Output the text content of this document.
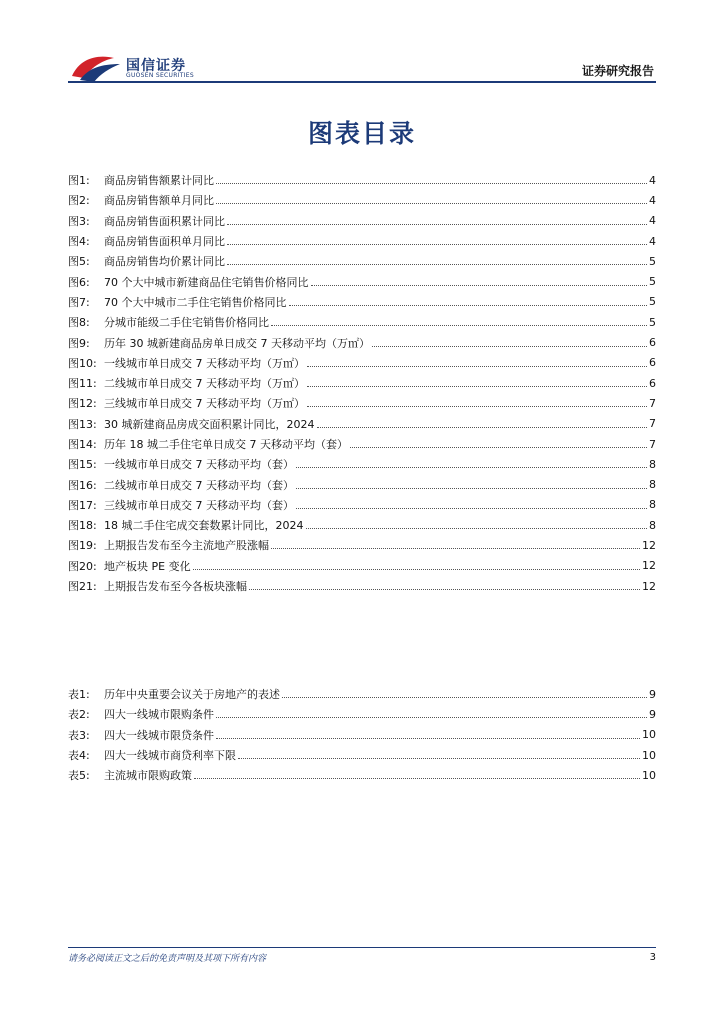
国信证券
GUOSEN SECURITIES	证券研究报告
图表目录
图1:	商品房销售额累计同比	4
图2:	商品房销售额单月同比	4
图3:	商品房销售面积累计同比	4
图4:	商品房销售面积单月同比	4
图5:	商品房销售均价累计同比	5
图6:	70 个大中城市新建商品住宅销售价格同比	5
图7:	70 个大中城市二手住宅销售价格同比	5
图8:	分城市能级二手住宅销售价格同比	5
图9:	历年 30 城新建商品房单日成交 7 天移动平均（万㎡）	6
图10: 一线城市单日成交 7 天移动平均（万㎡）	6
图11: 二线城市单日成交 7 天移动平均（万㎡）	6
图12: 三线城市单日成交 7 天移动平均（万㎡）	7
图13: 30 城新建商品房成交面积累计同比，2024	7
图14: 历年 18 城二手住宅单日成交 7 天移动平均（套）	7
图15: 一线城市单日成交 7 天移动平均（套）	8
图16: 二线城市单日成交 7 天移动平均（套）	8
图17: 三线城市单日成交 7 天移动平均（套）	8
图18: 18 城二手住宅成交套数累计同比，2024	8
图19: 上期报告发布至今主流地产股涨幅	12
图20: 地产板块 PE 变化	12
图21: 上期报告发布至今各板块涨幅	12
表1:	历年中央重要会议关于房地产的表述	9
表2:	四大一线城市限购条件	9
表3:	四大一线城市限贷条件	10
表4:	四大一线城市商贷利率下限	10
表5:	主流城市限购政策	10
请务必阅读正文之后的免责声明及其项下所有内容	3
